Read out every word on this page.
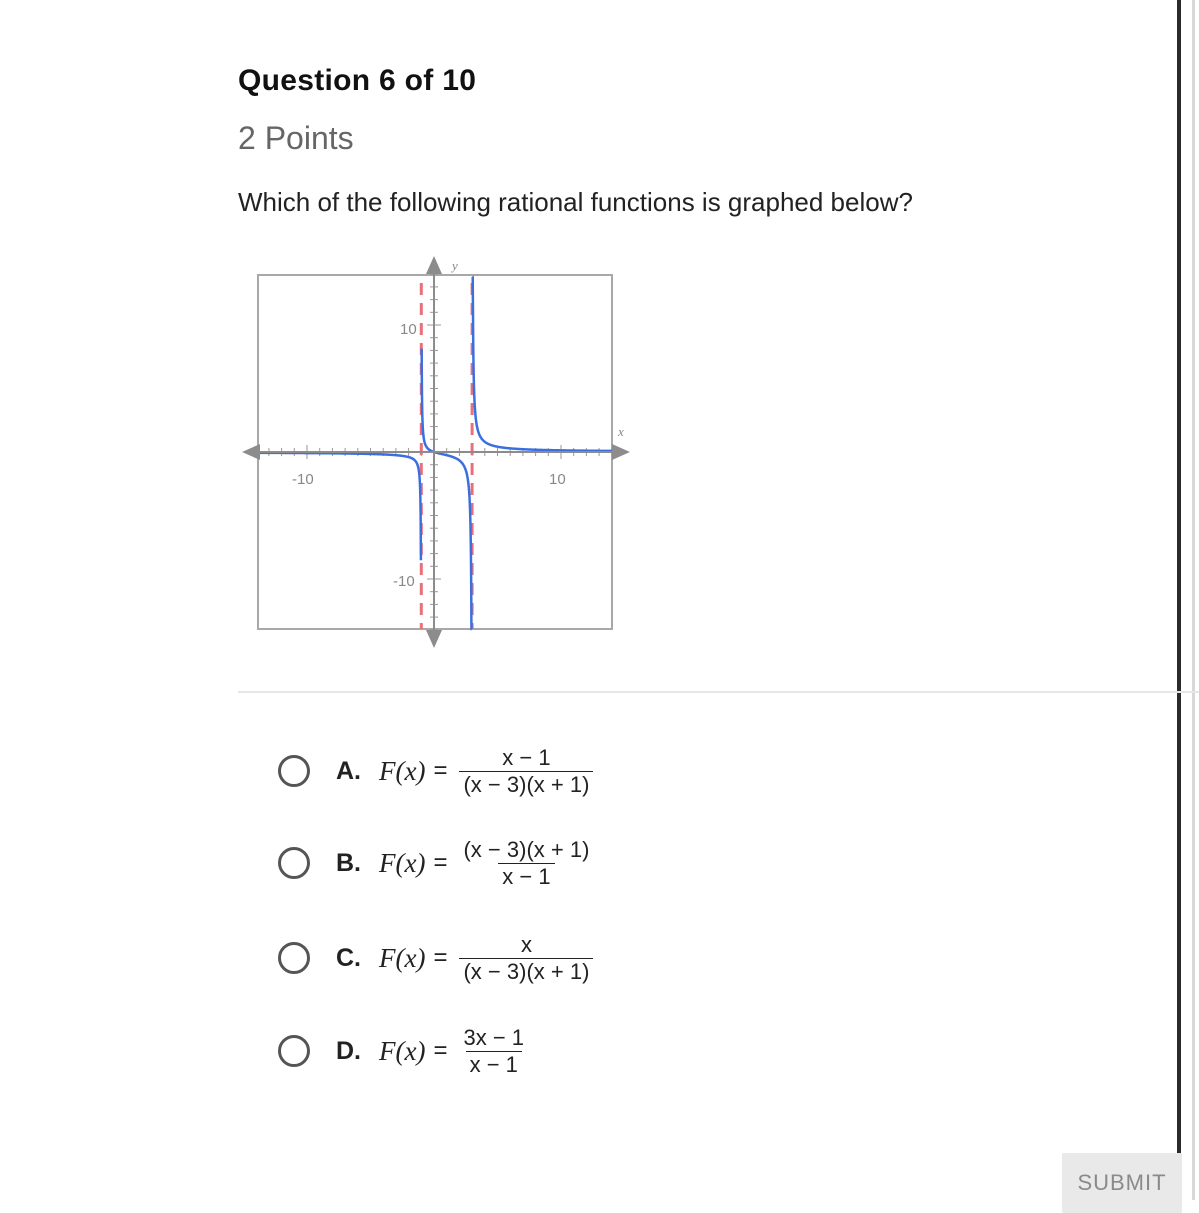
Question 6 of 10
2 Points
Which of the following rational functions is graphed below?
x
y
-10	10
10
-10
A. $F(x) = \frac{x - 1}{(x - 3)(x + 1)}$
B. $F(x) = \frac{(x - 3)(x + 1)}{x - 1}$
C. $F(x) = \frac{x}{(x - 3)(x + 1)}$
D. $F(x) = \frac{3x - 1}{x - 1}$
SUBMIT
